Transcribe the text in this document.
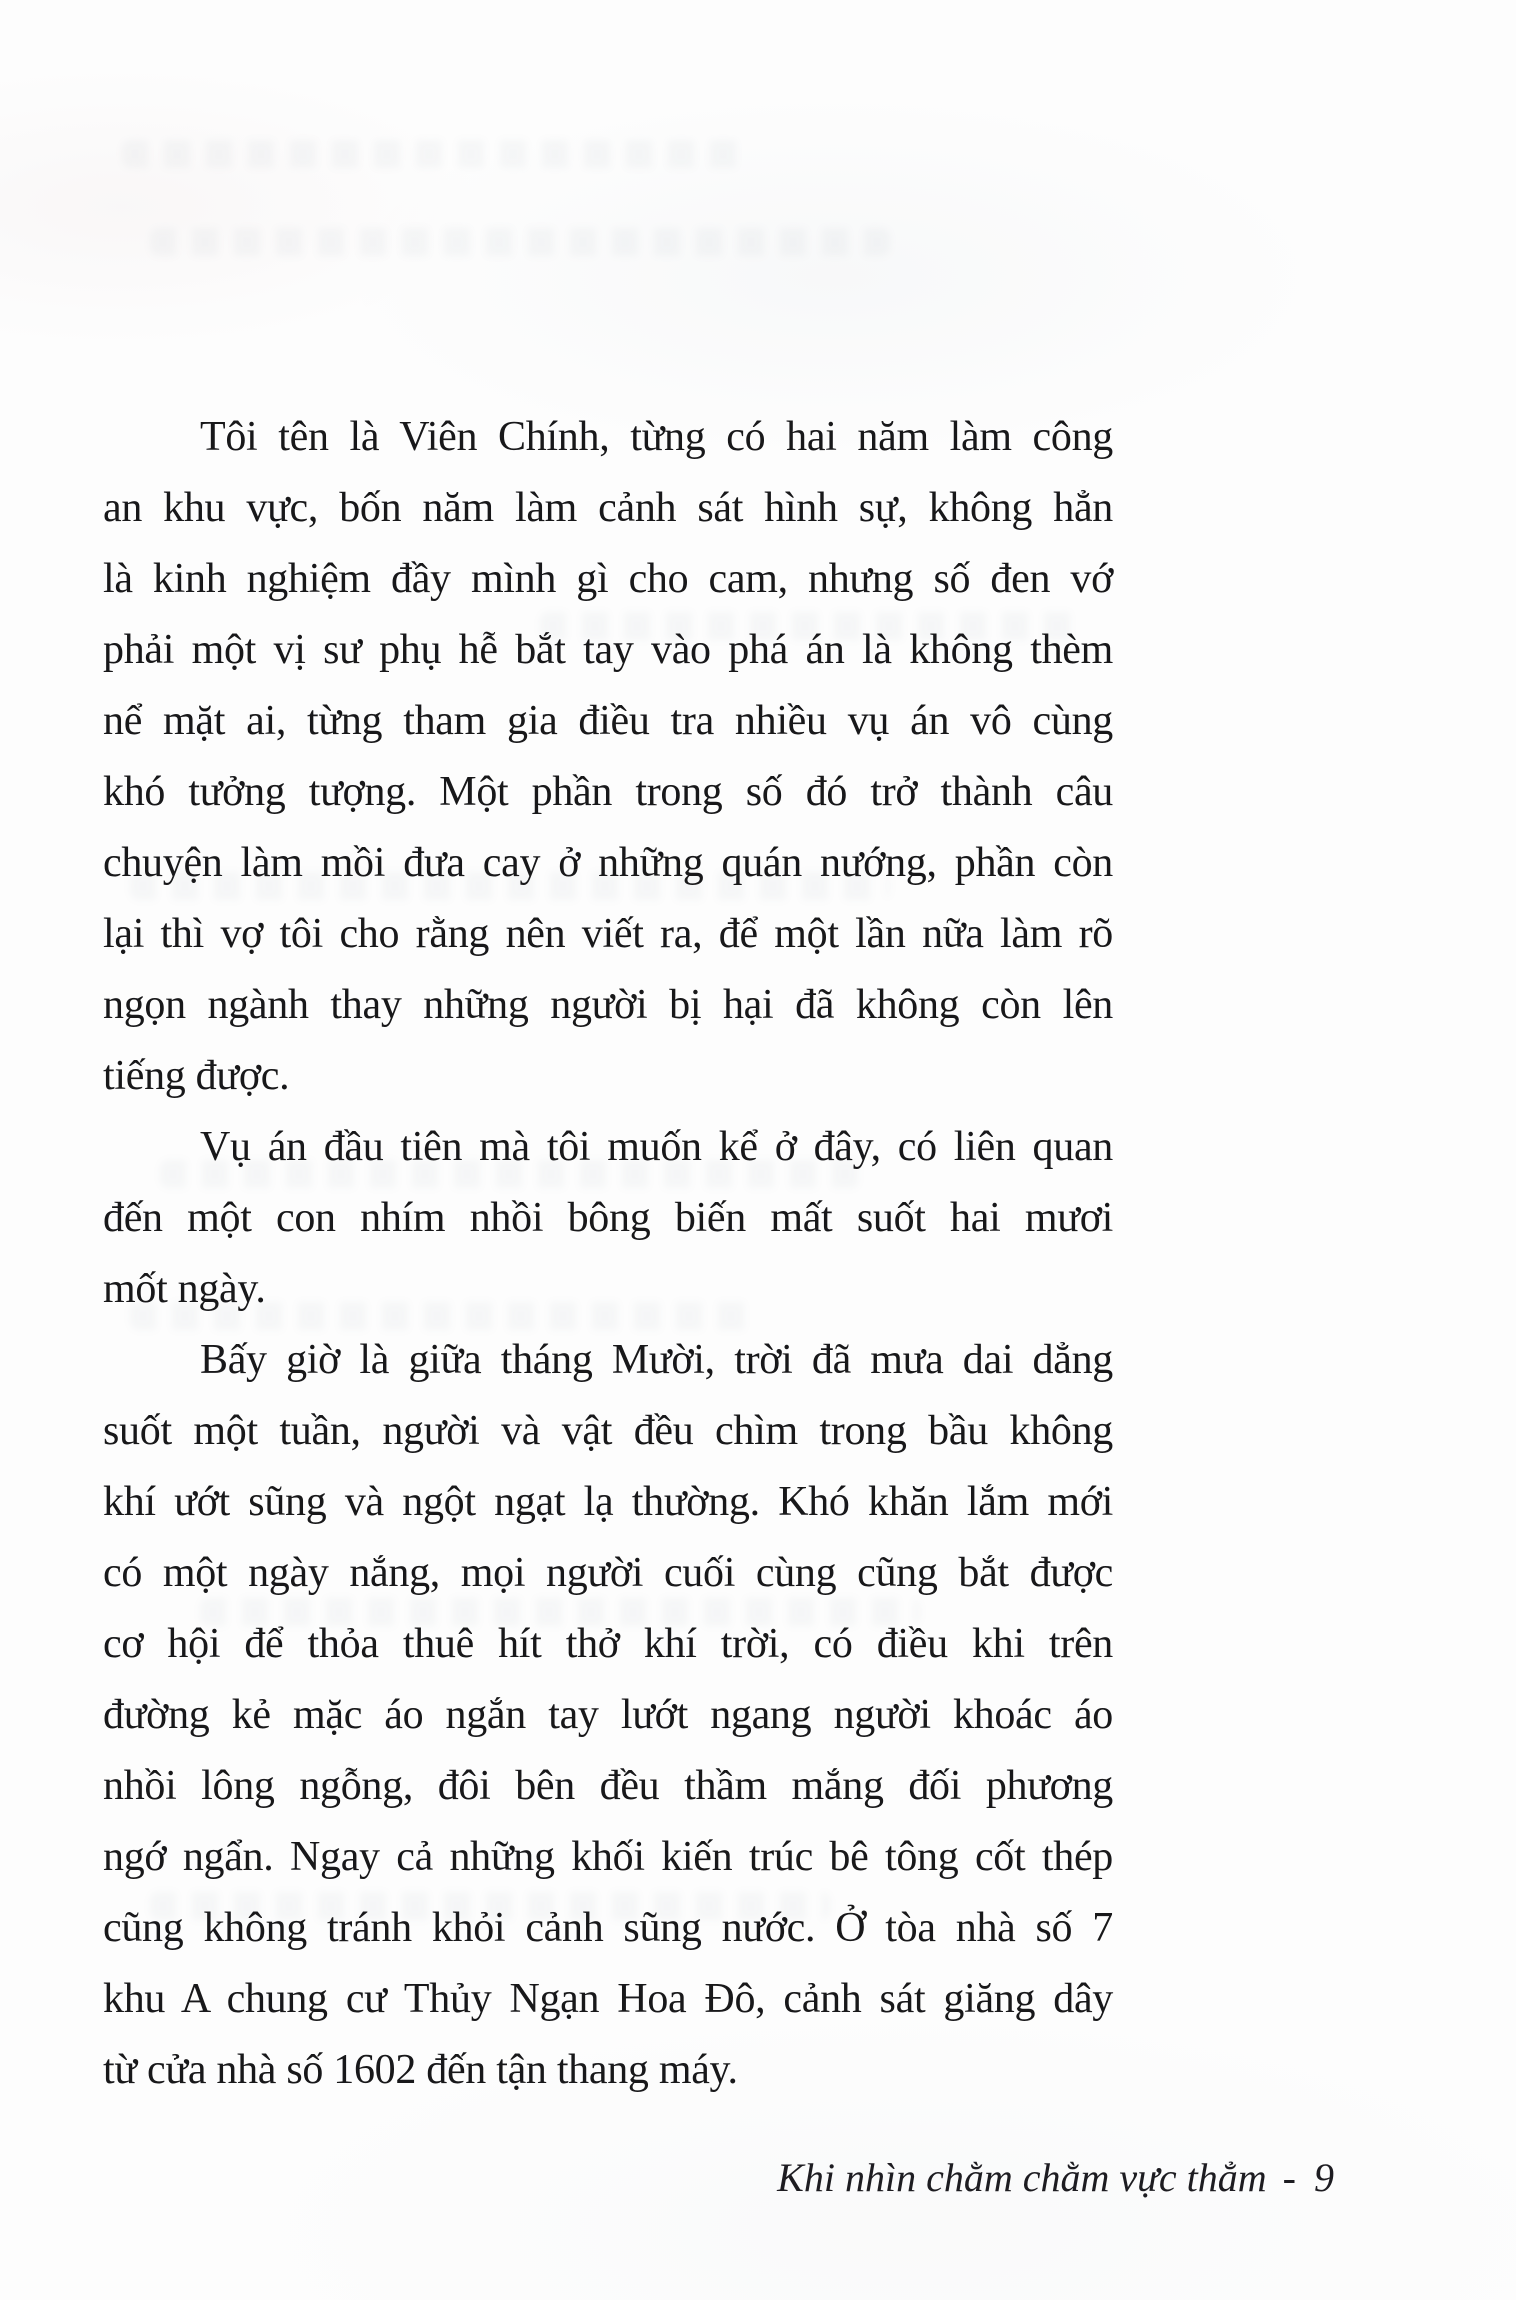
Tôi tên là Viên Chính, từng có hai năm làm công
an khu vực, bốn năm làm cảnh sát hình sự, không hẳn
là kinh nghiệm đầy mình gì cho cam, nhưng số đen vớ
phải một vị sư phụ hễ bắt tay vào phá án là không thèm
nể mặt ai, từng tham gia điều tra nhiều vụ án vô cùng
khó tưởng tượng. Một phần trong số đó trở thành câu
chuyện làm mồi đưa cay ở những quán nướng, phần còn
lại thì vợ tôi cho rằng nên viết ra, để một lần nữa làm rõ
ngọn ngành thay những người bị hại đã không còn lên
tiếng được.
Vụ án đầu tiên mà tôi muốn kể ở đây, có liên quan
đến một con nhím nhồi bông biến mất suốt hai mươi
mốt ngày.
Bấy giờ là giữa tháng Mười, trời đã mưa dai dẳng
suốt một tuần, người và vật đều chìm trong bầu không
khí ướt sũng và ngột ngạt lạ thường. Khó khăn lắm mới
có một ngày nắng, mọi người cuối cùng cũng bắt được
cơ hội để thỏa thuê hít thở khí trời, có điều khi trên
đường kẻ mặc áo ngắn tay lướt ngang người khoác áo
nhồi lông ngỗng, đôi bên đều thầm mắng đối phương
ngớ ngẩn. Ngay cả những khối kiến trúc bê tông cốt thép
cũng không tránh khỏi cảnh sũng nước. Ở tòa nhà số 7
khu A chung cư Thủy Ngạn Hoa Đô, cảnh sát giăng dây
từ cửa nhà số 1602 đến tận thang máy.
Khi nhìn chằm chằm vực thẳm - 9
